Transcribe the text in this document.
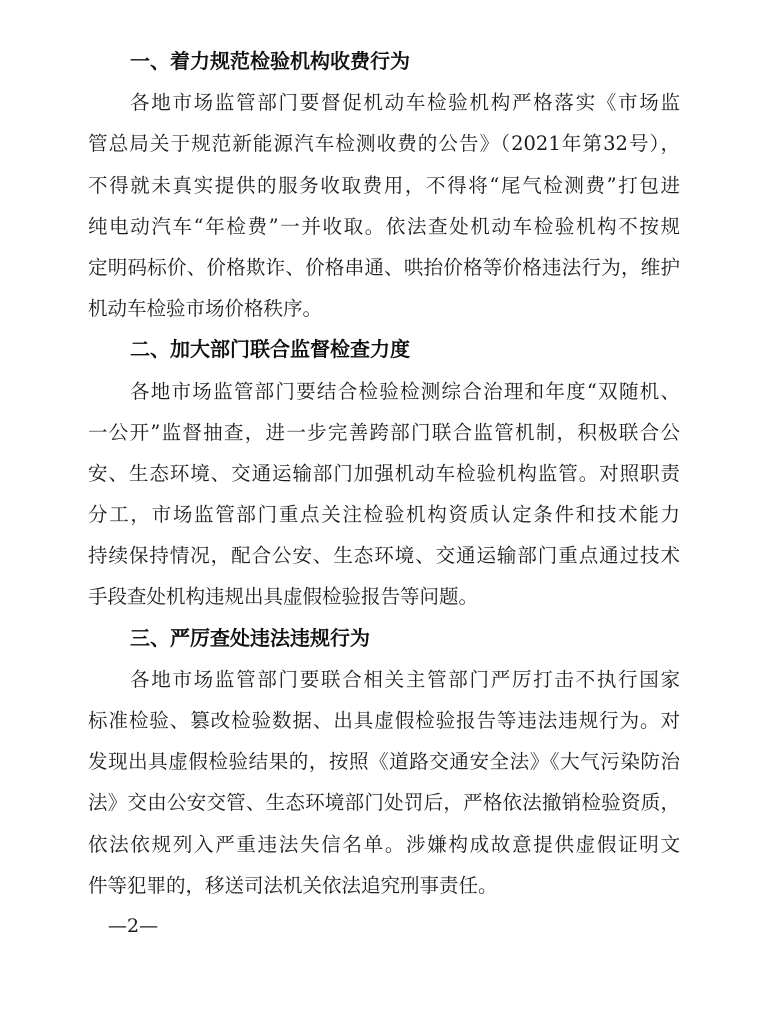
一、着力规范检验机构收费行为
各地市场监管部门要督促机动车检验机构严格落实《市场监
管总局关于规范新能源汽车检测收费的公告》（2021年第32号），
不得就未真实提供的服务收取费用，不得将“尾气检测费”打包进
纯电动汽车“年检费”一并收取。依法查处机动车检验机构不按规
定明码标价、价格欺诈、价格串通、哄抬价格等价格违法行为，维护
机动车检验市场价格秩序。
二、加大部门联合监督检查力度
各地市场监管部门要结合检验检测综合治理和年度“双随机、
一公开”监督抽查，进一步完善跨部门联合监管机制，积极联合公
安、生态环境、交通运输部门加强机动车检验机构监管。对照职责
分工，市场监管部门重点关注检验机构资质认定条件和技术能力
持续保持情况，配合公安、生态环境、交通运输部门重点通过技术
手段查处机构违规出具虚假检验报告等问题。
三、严厉查处违法违规行为
各地市场监管部门要联合相关主管部门严厉打击不执行国家
标准检验、篡改检验数据、出具虚假检验报告等违法违规行为。对
发现出具虚假检验结果的，按照《道路交通安全法》《大气污染防治
法》交由公安交管、生态环境部门处罚后，严格依法撤销检验资质，
依法依规列入严重违法失信名单。涉嫌构成故意提供虚假证明文
件等犯罪的，移送司法机关依法追究刑事责任。
—2—
